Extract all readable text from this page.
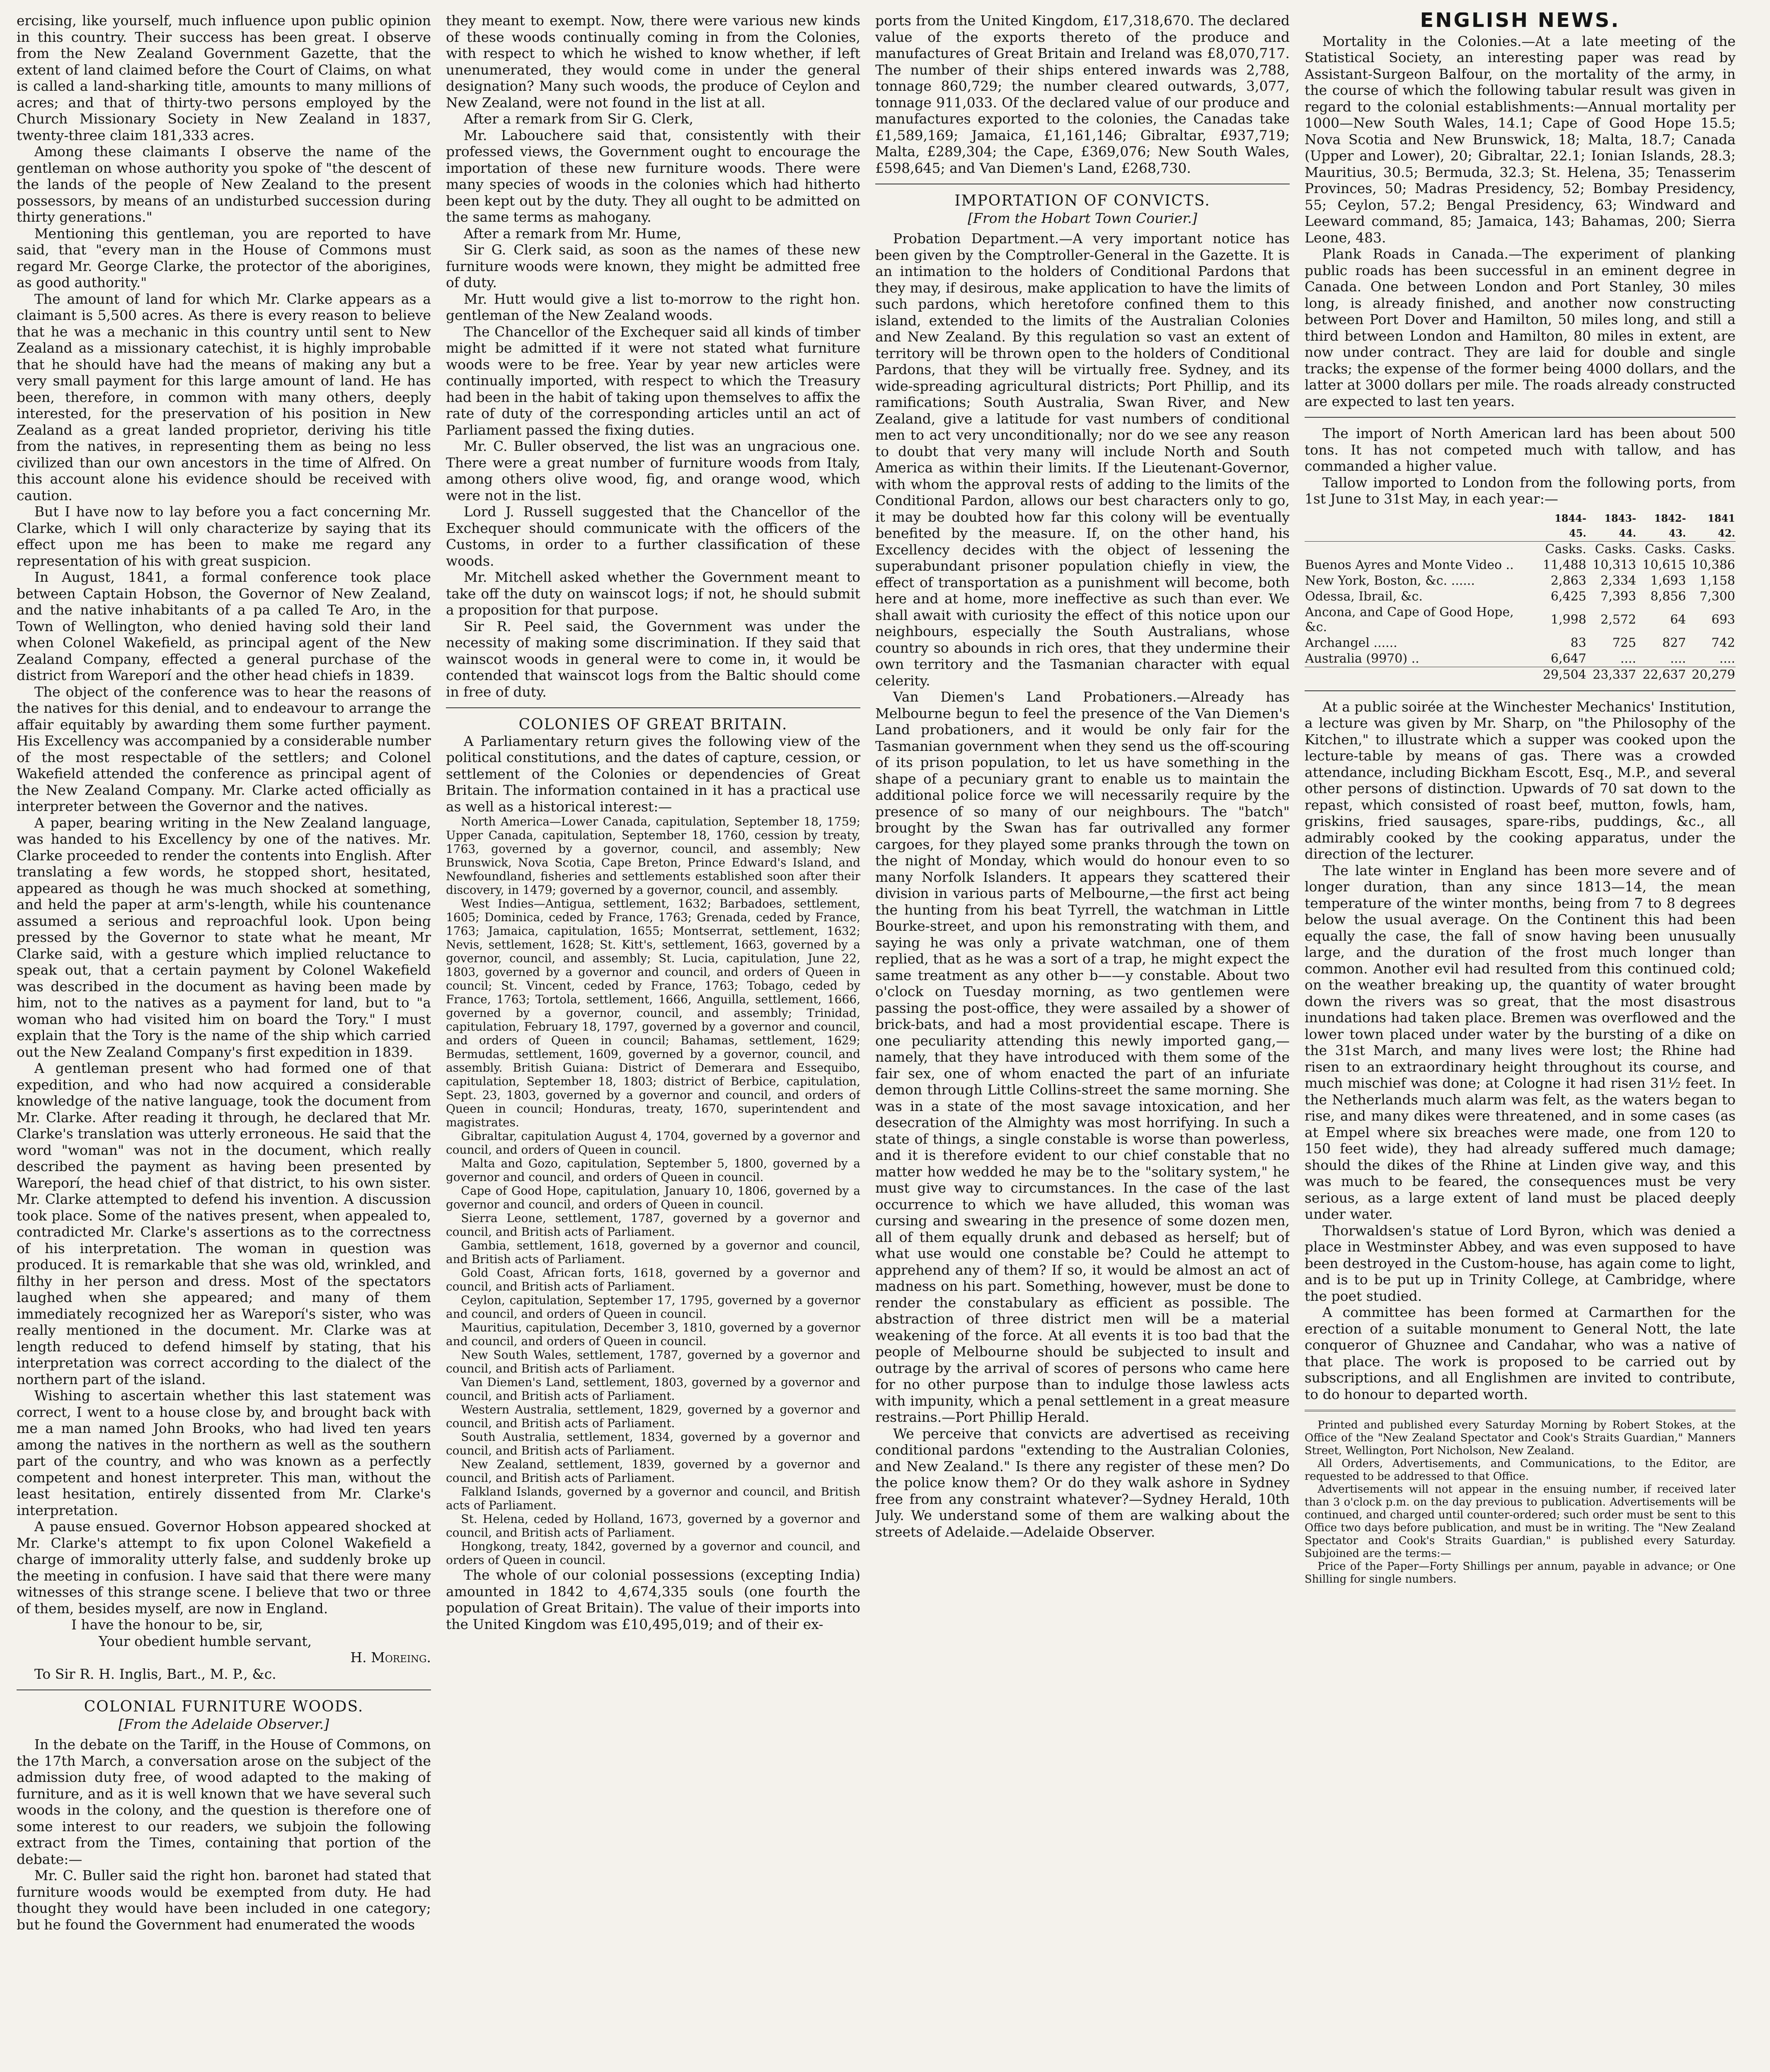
ercising, like yourself, much influence upon public opinion in this country. Their success has been great. I observe from the New Zealand Government Gazette, that the extent of land claimed before the Court of Claims, on what is called a land-sharking title, amounts to many millions of acres; and that of thirty-two persons employed by the Church Missionary Society in New Zealand in 1837, twenty-three claim 181,333 acres.

Among these claimants I observe the name of the gentleman on whose authority you spoke of "the descent of the lands of the people of New Zealand to the present possessors, by means of an undisturbed succession during thirty generations."

Mentioning this gentleman, you are reported to have said, that "every man in the House of Commons must regard Mr. George Clarke, the protector of the aborigines, as good authority."

The amount of land for which Mr. Clarke appears as a claimant is 5,500 acres. As there is every reason to believe that he was a mechanic in this country until sent to New Zealand as a missionary catechist, it is highly improbable that he should have had the means of making any but a very small payment for this large amount of land. He has been, therefore, in common with many others, deeply interested, for the preservation of his position in New Zealand as a great landed proprietor, deriving his title from the natives, in representing them as being no less civilized than our own ancestors in the time of Alfred. On this account alone his evidence should be received with caution.

But I have now to lay before you a fact concerning Mr. Clarke, which I will only characterize by saying that its effect upon me has been to make me regard any representation of his with great suspicion.

In August, 1841, a formal conference took place between Captain Hobson, the Governor of New Zealand, and the native inhabitants of a pa called Te Aro, in the Town of Wellington, who denied having sold their land when Colonel Wakefield, as principal agent of the New Zealand Company, effected a general purchase of the district from Wareporí and the other head chiefs in 1839.

The object of the conference was to hear the reasons of the natives for this denial, and to endeavour to arrange the affair equitably by awarding them some further payment. His Excellency was accompanied by a considerable number of the most respectable of the settlers; and Colonel Wakefield attended the conference as principal agent of the New Zealand Company. Mr. Clarke acted officially as interpreter between the Governor and the natives.

A paper, bearing writing in the New Zealand language, was handed to his Excellency by one of the natives. Mr. Clarke proceeded to render the contents into English. After translating a few words, he stopped short, hesitated, appeared as though he was much shocked at something, and held the paper at arm's-length, while his countenance assumed a serious and reproachful look. Upon being pressed by the Governor to state what he meant, Mr Clarke said, with a gesture which implied reluctance to speak out, that a certain payment by Colonel Wakefield was described in the document as having been made by him, not to the natives as a payment for land, but to "a woman who had visited him on board the Tory." I must explain that the Tory is the name of the ship which carried out the New Zealand Company's first expedition in 1839.

A gentleman present who had formed one of that expedition, and who had now acquired a considerable knowledge of the native language, took the document from Mr. Clarke. After reading it through, he declared that Mr. Clarke's translation was utterly erroneous. He said that the word "woman" was not in the document, which really described the payment as having been presented by Wareporí, the head chief of that district, to his own sister. Mr. Clarke attempted to defend his invention. A discussion took place. Some of the natives present, when appealed to, contradicted Mr. Clarke's assertions as to the correctness of his interpretation. The woman in question was produced. It is remarkable that she was old, wrinkled, and filthy in her person and dress. Most of the spectators laughed when she appeared; and many of them immediately recognized her as Wareporí's sister, who was really mentioned in the document. Mr. Clarke was at length reduced to defend himself by stating, that his interpretation was correct according to the dialect of the northern part of the island.

Wishing to ascertain whether this last statement was correct, I went to a house close by, and brought back with me a man named John Brooks, who had lived ten years among the natives in the northern as well as the southern part of the country, and who was known as a perfectly competent and honest interpreter. This man, without the least hesitation, entirely dissented from Mr. Clarke's interpretation.

A pause ensued. Governor Hobson appeared shocked at Mr. Clarke's attempt to fix upon Colonel Wakefield a charge of immorality utterly false, and suddenly broke up the meeting in confusion. I have said that there were many witnesses of this strange scene. I believe that two or three of them, besides myself, are now in England.

I have the honour to be, sir,

Your obedient humble servant,

H. Moreing.

To Sir R. H. Inglis, Bart., M. P., &c.

COLONIAL FURNITURE WOODS.
[From the Adelaide Observer.]

In the debate on the Tariff, in the House of Commons, on the 17th March, a conversation arose on the subject of the admission duty free, of wood adapted to the making of furniture, and as it is well known that we have several such woods in the colony, and the question is therefore one of some interest to our readers, we subjoin the following extract from the Times, containing that portion of the debate:—

Mr. C. Buller said the right hon. baronet had stated that furniture woods would be exempted from duty. He had thought they would have been included in one category; but he found the Government had enumerated the woods

they meant to exempt. Now, there were various new kinds of these woods continually coming in from the Colonies, with respect to which he wished to know whether, if left unenumerated, they would come in under the general designation? Many such woods, the produce of Ceylon and New Zealand, were not found in the list at all.

After a remark from Sir G. Clerk,

Mr. Labouchere said that, consistently with their professed views, the Government ought to encourage the importation of these new furniture woods. There were many species of woods in the colonies which had hitherto been kept out by the duty. They all ought to be admitted on the same terms as mahogany.

After a remark from Mr. Hume,

Sir G. Clerk said, as soon as the names of these new furniture woods were known, they might be admitted free of duty.

Mr. Hutt would give a list to-morrow to the right hon. gentleman of the New Zealand woods.

The Chancellor of the Exchequer said all kinds of timber might be admitted if it were not stated what furniture woods were to be free. Year by year new articles were continually imported, with respect to which the Treasury had been in the habit of taking upon themselves to affix the rate of duty of the corresponding articles until an act of Parliament passed the fixing duties.

Mr. C. Buller observed, the list was an ungracious one. There were a great number of furniture woods from Italy, among others olive wood, fig, and orange wood, which were not in the list.

Lord J. Russell suggested that the Chancellor of the Exchequer should communicate with the officers of the Customs, in order to a further classification of these woods.

Mr. Mitchell asked whether the Government meant to take off the duty on wainscot logs; if not, he should submit a proposition for that purpose.

Sir R. Peel said, the Government was under the necessity of making some discrimination. If they said that wainscot woods in general were to come in, it would be contended that wainscot logs from the Baltic should come in free of duty.

COLONIES OF GREAT BRITAIN.

A Parliamentary return gives the following view of the political constitutions, and the dates of capture, cession, or settlement of the Colonies or dependencies of Great Britain. The information contained in it has a practical use as well as a historical interest:—

North America—Lower Canada, capitulation, September 18, 1759; Upper Canada, capitulation, September 18, 1760, cession by treaty, 1763, governed by a governor, council, and assembly; New Brunswick, Nova Scotia, Cape Breton, Prince Edward's Island, and Newfoundland, fisheries and settlements established soon after their discovery, in 1479; governed by a governor, council, and assembly.

West Indies—Antigua, settlement, 1632; Barbadoes, settlement, 1605; Dominica, ceded by France, 1763; Grenada, ceded by France, 1763; Jamaica, capitulation, 1655; Montserrat, settlement, 1632; Nevis, settlement, 1628; St. Kitt's, settlement, 1663, governed by a governor, council, and assembly; St. Lucia, capitulation, June 22, 1803, governed by a governor and council, and orders of Queen in council; St. Vincent, ceded by France, 1763; Tobago, ceded by France, 1763; Tortola, settlement, 1666, Anguilla, settlement, 1666, governed by a governor, council, and assembly; Trinidad, capitulation, February 18, 1797, governed by a governor and council, and orders of Queen in council; Bahamas, settlement, 1629; Bermudas, settlement, 1609, governed by a governor, council, and assembly. British Guiana: District of Demerara and Essequibo, capitulation, September 18, 1803; district of Berbice, capitulation, Sept. 23, 1803, governed by a governor and council, and orders of Queen in council; Honduras, treaty, 1670, superintendent and magistrates.

Gibraltar, capitulation August 4, 1704, governed by a governor and council, and orders of Queen in council.

Malta and Gozo, capitulation, September 5, 1800, governed by a governor and council, and orders of Queen in council.

Cape of Good Hope, capitulation, January 10, 1806, governed by a governor and council, and orders of Queen in council.

Sierra Leone, settlement, 1787, governed by a governor and council, and British acts of Parliament.

Gambia, settlement, 1618, governed by a governor and council, and British acts of Parliament.

Gold Coast, African forts, 1618, governed by a governor and council, and British acts of Parliament.

Ceylon, capitulation, September 17, 1795, governed by a governor and council, and orders of Queen in council.

Mauritius, capitulation, December 3, 1810, governed by a governor and council, and orders of Queen in council.

New South Wales, settlement, 1787, governed by a governor and council, and British acts of Parliament.

Van Diemen's Land, settlement, 1803, governed by a governor and council, and British acts of Parliament.

Western Australia, settlement, 1829, governed by a governor and council, and British acts of Parliament.

South Australia, settlement, 1834, governed by a governor and council, and British acts of Parliament.

New Zealand, settlement, 1839, governed by a governor and council, and British acts of Parliament.

Falkland Islands, governed by a governor and council, and British acts of Parliament.

St. Helena, ceded by Holland, 1673, governed by a governor and council, and British acts of Parliament.

Hongkong, treaty, 1842, governed by a governor and council, and orders of Queen in council.

The whole of our colonial possessions (excepting India) amounted in 1842 to 4,674,335 souls (one fourth the population of Great Britain). The value of their imports into the United Kingdom was £10,495,019; and of their ex-

ports from the United Kingdom, £17,318,670. The declared value of the exports thereto of the produce and manufactures of Great Britain and Ireland was £8,070,717. The number of their ships entered inwards was 2,788, tonnage 860,729; the number cleared outwards, 3,077, tonnage 911,033. Of the declared value of our produce and manufactures exported to the colonies, the Canadas take £1,589,169; Jamaica, £1,161,146; Gibraltar, £937,719; Malta, £289,304; the Cape, £369,076; New South Wales, £598,645; and Van Diemen's Land, £268,730.

IMPORTATION OF CONVICTS.
[From the Hobart Town Courier.]

Probation Department.—A very important notice has been given by the Comptroller-General in the Gazette. It is an intimation to the holders of Conditional Pardons that they may, if desirous, make application to have the limits of such pardons, which heretofore confined them to this island, extended to the limits of the Australian Colonies and New Zealand. By this regulation so vast an extent of territory will be thrown open to the holders of Conditional Pardons, that they will be virtually free. Sydney, and its wide-spreading agricultural districts; Port Phillip, and its ramifications; South Australia, Swan River, and New Zealand, give a latitude for vast numbers of conditional men to act very unconditionally; nor do we see any reason to doubt that very many will include North and South America as within their limits. If the Lieutenant-Governor, with whom the approval rests of adding to the limits of the Conditional Pardon, allows our best characters only to go, it may be doubted how far this colony will be eventually benefited by the measure. If, on the other hand, his Excellency decides with the object of lessening the superabundant prisoner population chiefly in view, the effect of transportation as a punishment will become, both here and at home, more ineffective as such than ever. We shall await with curiosity the effect of this notice upon our neighbours, especially the South Australians, whose country so abounds in rich ores, that they undermine their own territory and the Tasmanian character with equal celerity.

Van Diemen's Land Probationers.—Already has Melbourne begun to feel the presence of the Van Diemen's Land probationers, and it would be only fair for the Tasmanian government when they send us the off-scouring of its prison population, to let us have something in the shape of a pecuniary grant to enable us to maintain the additional police force we will necessarily require by the presence of so many of our neighbours. The "batch" brought by the Swan has far outrivalled any former cargoes, for they played some pranks through the town on the night of Monday, which would do honour even to so many Norfolk Islanders. It appears they scattered their division in various parts of Melbourne,—the first act being the hunting from his beat Tyrrell, the watchman in Little Bourke-street, and upon his remonstrating with them, and saying he was only a private watchman, one of them replied, that as he was a sort of a trap, he might expect the same treatment as any other b——y constable. About two o'clock on Tuesday morning, as two gentlemen were passing the post-office, they were assailed by a shower of brick-bats, and had a most providential escape. There is one peculiarity attending this newly imported gang,—namely, that they have introduced with them some of the fair sex, one of whom enacted the part of an infuriate demon through Little Collins-street the same morning. She was in a state of the most savage intoxication, and her desecration of the Almighty was most horrifying. In such a state of things, a single constable is worse than powerless, and it is therefore evident to our chief constable that no matter how wedded he may be to the "solitary system," he must give way to circumstances. In the case of the last occurrence to which we have alluded, this woman was cursing and swearing in the presence of some dozen men, all of them equally drunk and debased as herself; but of what use would one constable be? Could he attempt to apprehend any of them? If so, it would be almost an act of madness on his part. Something, however, must be done to render the constabulary as efficient as possible. The abstraction of three district men will be a material weakening of the force. At all events it is too bad that the people of Melbourne should be subjected to insult and outrage by the arrival of scores of persons who came here for no other purpose than to indulge those lawless acts with impunity, which a penal settlement in a great measure restrains.—Port Phillip Herald.

We perceive that convicts are advertised as receiving conditional pardons "extending to the Australian Colonies, and New Zealand." Is there any register of these men? Do the police know them? Or do they walk ashore in Sydney free from any constraint whatever?—Sydney Herald, 10th July. We understand some of them are walking about the streets of Adelaide.—Adelaide Observer.

ENGLISH NEWS.

Mortality in the Colonies.—At a late meeting of the Statistical Society, an interesting paper was read by Assistant-Surgeon Balfour, on the mortality of the army, in the course of which the following tabular result was given in regard to the colonial establishments:—Annual mortality per 1000—New South Wales, 14.1; Cape of Good Hope 15.5; Nova Scotia and New Brunswick, 18; Malta, 18.7; Canada (Upper and Lower), 20; Gibraltar, 22.1; Ionian Islands, 28.3; Mauritius, 30.5; Bermuda, 32.3; St. Helena, 35; Tenasserim Provinces, 50; Madras Presidency, 52; Bombay Presidency, 55; Ceylon, 57.2; Bengal Presidency, 63; Windward and Leeward command, 85; Jamaica, 143; Bahamas, 200; Sierra Leone, 483.

Plank Roads in Canada.—The experiment of planking public roads has been successful in an eminent degree in Canada. One between London and Port Stanley, 30 miles long, is already finished, and another now constructing between Port Dover and Hamilton, 50 miles long, and still a third between London and Hamilton, 80 miles in extent, are now under contract. They are laid for double and single tracks; the expense of the former being 4000 dollars, and the latter at 3000 dollars per mile. The roads already constructed are expected to last ten years.

The import of North American lard has been about 500 tons. It has not competed much with tallow, and has commanded a higher value.

Tallow imported to London from the following ports, from 1st June to 31st May, in each year:—

	1844-45.	1843-44.	1842-43.	1841 42.
	Casks.	Casks.	Casks.	Casks.
Buenos Ayres and Monte Video ..	11,488	10,313	10,615	10,386
New York, Boston, &c. ......	2,863	2,334	1,693	1,158
Odessa, Ibrail, &c.	6,425	7,393	8,856	7,300
Ancona, and Cape of Good Hope, &c.	1,998	2,572	64	693
Archangel ......	83	725	827	742
Australia (9970) ..	6,647	....	....	....
	29,504	23,337	22,637	20,279

At a public soirée at the Winchester Mechanics' Institution, a lecture was given by Mr. Sharp, on "the Philosophy of the Kitchen," to illustrate which a supper was cooked upon the lecture-table by means of gas. There was a crowded attendance, including Bickham Escott, Esq., M.P., and several other persons of distinction. Upwards of 70 sat down to the repast, which consisted of roast beef, mutton, fowls, ham, griskins, fried sausages, spare-ribs, puddings, &c., all admirably cooked by the cooking apparatus, under the direction of the lecturer.

The late winter in England has been more severe and of longer duration, than any since 1813—14, the mean temperature of the winter months, being from 7 to 8 degrees below the usual average. On the Continent this had been equally the case, the fall of snow having been unusually large, and the duration of the frost much longer than common. Another evil had resulted from this continued cold; on the weather breaking up, the quantity of water brought down the rivers was so great, that the most disastrous inundations had taken place. Bremen was overflowed and the lower town placed under water by the bursting of a dike on the 31st March, and many lives were lost; the Rhine had risen to an extraordinary height throughout its course, and much mischief was done; at Cologne it had risen 31½ feet. In the Netherlands much alarm was felt, as the waters began to rise, and many dikes were threatened, and in some cases (as at Empel where six breaches were made, one from 120 to 150 feet wide), they had already suffered much damage; should the dikes of the Rhine at Linden give way, and this was much to be feared, the consequences must be very serious, as a large extent of land must be placed deeply under water.

Thorwaldsen's statue of Lord Byron, which was denied a place in Westminster Abbey, and was even supposed to have been destroyed in the Custom-house, has again come to light, and is to be put up in Trinity College, at Cambridge, where the poet studied.

A committee has been formed at Carmarthen for the erection of a suitable monument to General Nott, the late conqueror of Ghuznee and Candahar, who was a native of that place. The work is proposed to be carried out by subscriptions, and all Englishmen are invited to contribute, to do honour to departed worth.

Printed and published every Saturday Morning by Robert Stokes, at the Office of the "New Zealand Spectator and Cook's Straits Guardian," Manners Street, Wellington, Port Nicholson, New Zealand.

All Orders, Advertisements, and Communications, to the Editor, are requested to be addressed to that Office.

Advertisements will not appear in the ensuing number, if received later than 3 o'clock p.m. on the day previous to publication. Advertisements will be continued, and charged until counter-ordered; such order must be sent to this Office two days before publication, and must be in writing. The "New Zealand Spectator and Cook's Straits Guardian," is published every Saturday. Subjoined are the terms:—

Price of the Paper—Forty Shillings per annum, payable in advance; or One Shilling for single numbers.
